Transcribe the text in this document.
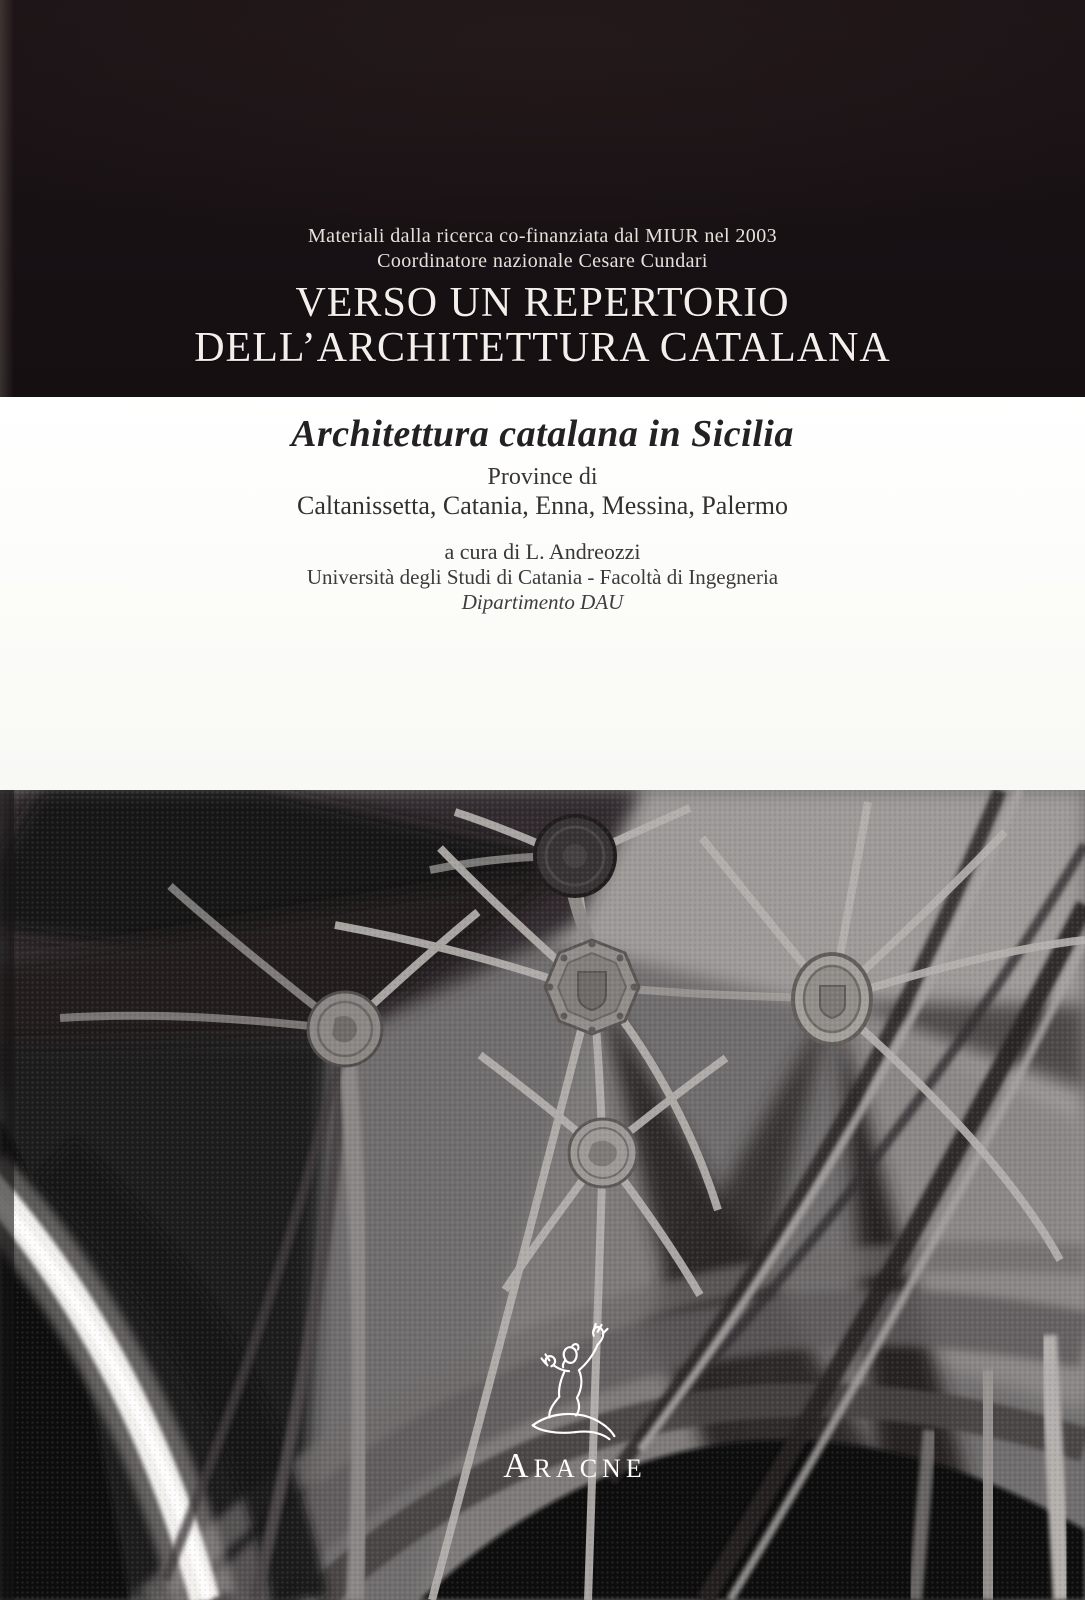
Materiali dalla ricerca co-finanziata dal MIUR nel 2003
Coordinatore nazionale Cesare Cundari
VERSO UN REPERTORIO
DELL’ARCHITETTURA CATALANA
Architettura catalana in Sicilia
Province di
Caltanissetta, Catania, Enna, Messina, Palermo
a cura di L. Andreozzi
Università degli Studi di Catania - Facoltà di Ingegneria
Dipartimento DAU
ARACNE
